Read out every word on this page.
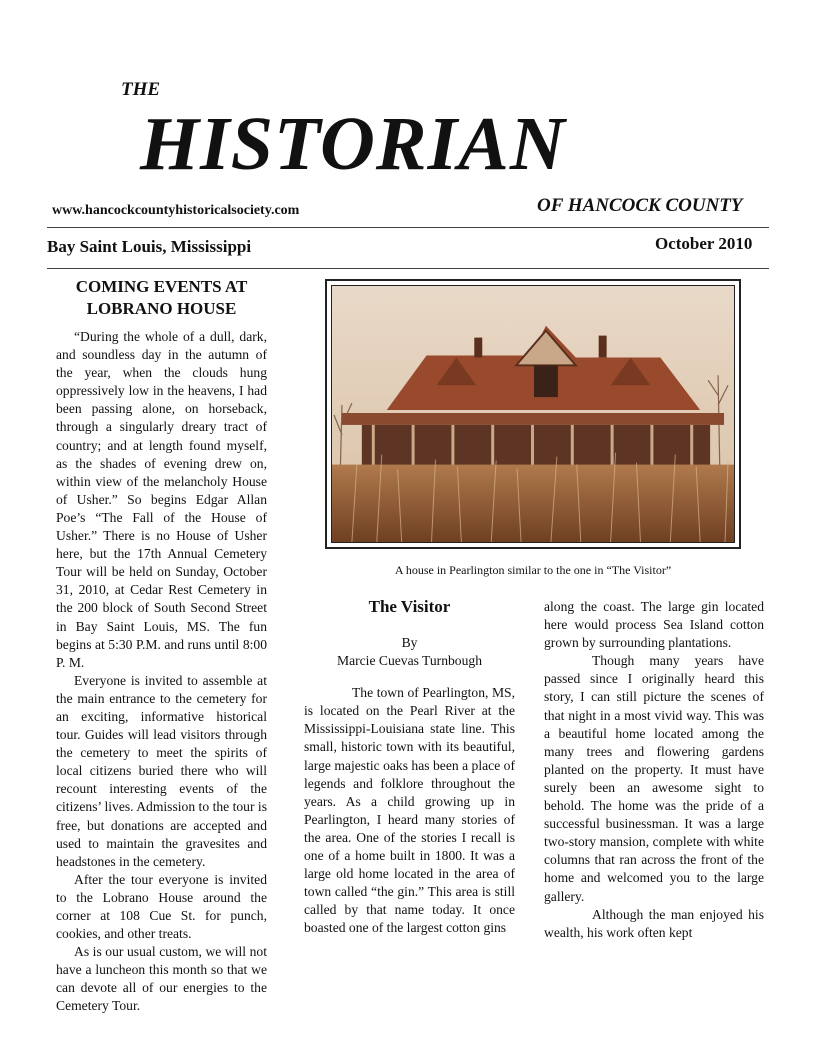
THE
HISTORIAN
www.hancockcountyhistoricalsociety.com	OF HANCOCK COUNTY
Bay Saint Louis, Mississippi	October 2010
COMING EVENTS AT
LOBRANO HOUSE

“During the whole of a dull, dark, and soundless day in the autumn of the year, when the clouds hung oppressively low in the heavens, I had been passing alone, on horseback, through a singularly dreary tract of country; and at length found myself, as the shades of evening drew on, within view of the melancholy House of Usher.” So begins Edgar Allan Poe’s “The Fall of the House of Usher.” There is no House of Usher here, but the 17th Annual Cemetery Tour will be held on Sunday, October 31, 2010, at Cedar Rest Cemetery in the 200 block of South Second Street in Bay Saint Louis, MS. The fun begins at 5:30 P.M. and runs until 8:00 P. M.

Everyone is invited to assemble at the main entrance to the cemetery for an exciting, informative historical tour. Guides will lead visitors through the cemetery to meet the spirits of local citizens buried there who will recount interesting events of the citizens’ lives. Admission to the tour is free, but donations are accepted and used to maintain the gravesites and headstones in the cemetery.

After the tour everyone is invited to the Lobrano House around the corner at 108 Cue St. for punch, cookies, and other treats.

As is our usual custom, we will not have a luncheon this month so that we can devote all of our energies to the Cemetery Tour.

A house in Pearlington similar to the one in “The Visitor”
The Visitor

By

Marcie Cuevas Turnbough

The town of Pearlington, MS, is located on the Pearl River at the Mississippi-Louisiana state line. This small, historic town with its beautiful, large majestic oaks has been a place of legends and folklore throughout the years. As a child growing up in Pearlington, I heard many stories of the area. One of the stories I recall is one of a home built in 1800. It was a large old home located in the area of town called “the gin.” This area is still called by that name today. It once boasted one of the largest cotton gins

along the coast. The large gin located here would process Sea Island cotton grown by surrounding plantations.

Though many years have passed since I originally heard this story, I can still picture the scenes of that night in a most vivid way. This was a beautiful home located among the many trees and flowering gardens planted on the property. It must have surely been an awesome sight to behold. The home was the pride of a successful businessman. It was a large two-story mansion, complete with white columns that ran across the front of the home and welcomed you to the large gallery.

Although the man enjoyed his wealth, his work often kept
